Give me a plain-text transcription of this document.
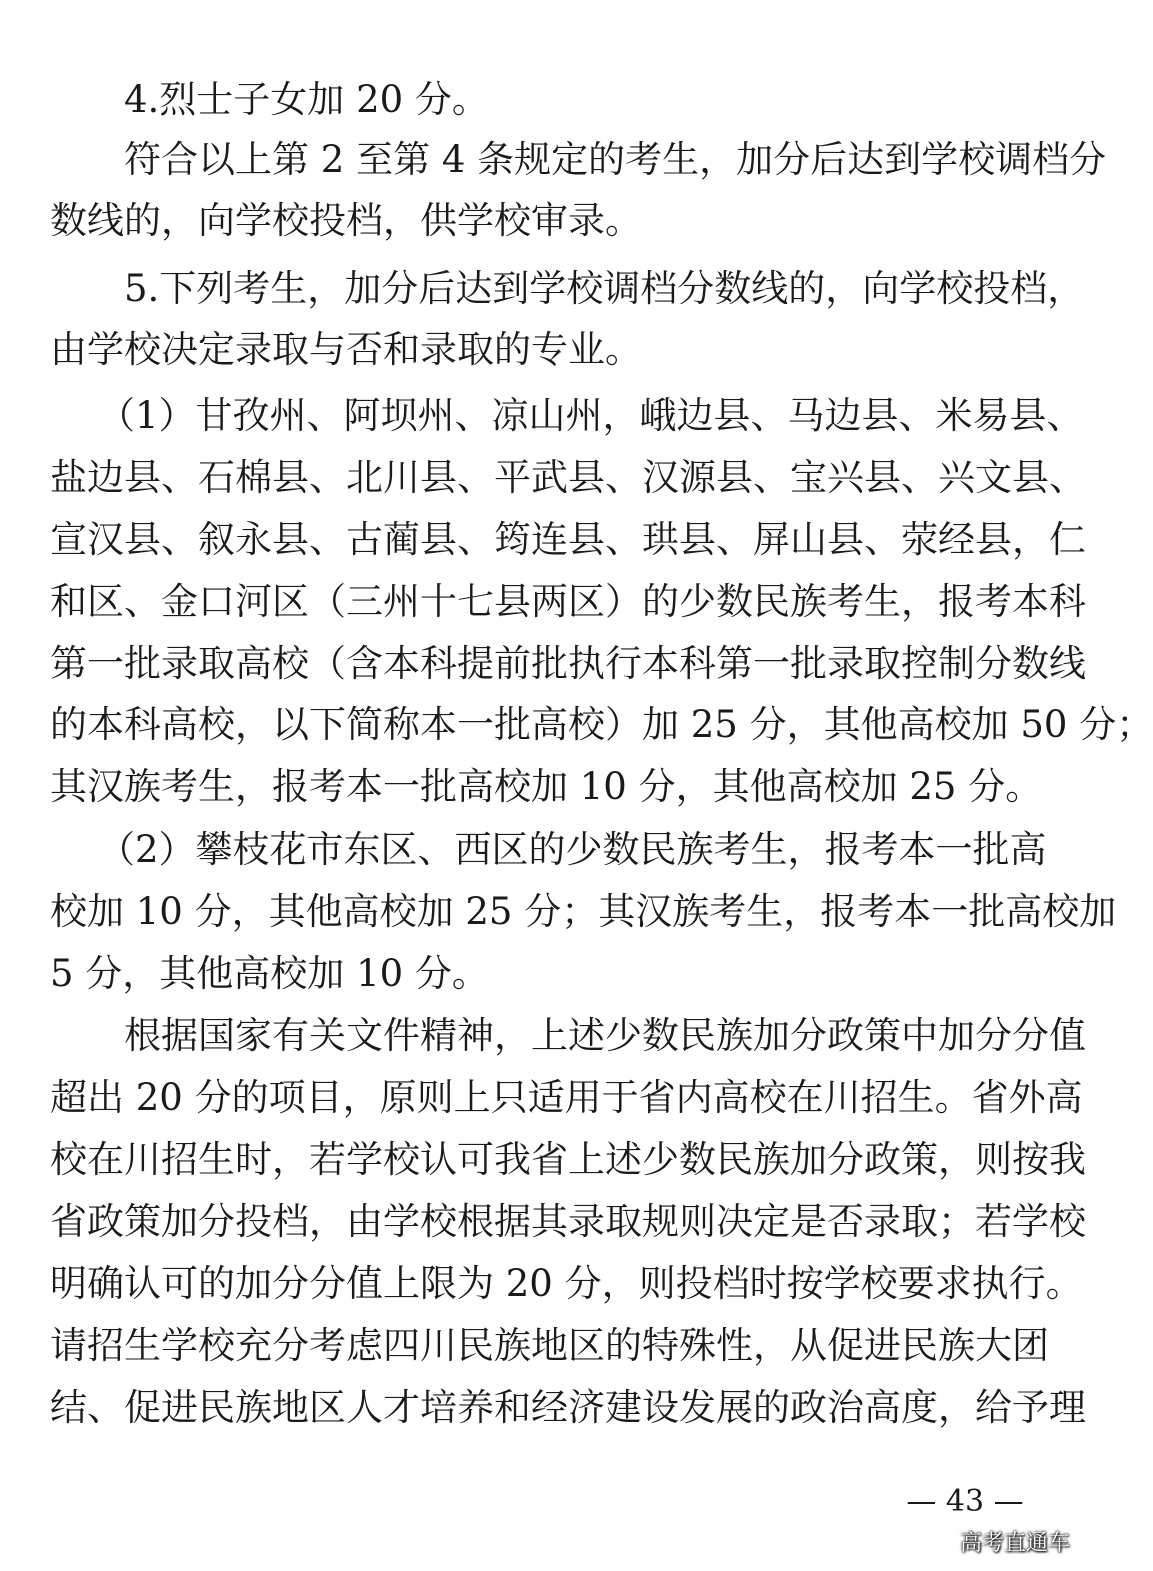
4.烈士子女加 20 分。
符合以上第 2 至第 4 条规定的考生，加分后达到学校调档分
数线的，向学校投档，供学校审录。
5.下列考生，加分后达到学校调档分数线的，向学校投档，
由学校决定录取与否和录取的专业。
（1）甘孜州、阿坝州、凉山州，峨边县、马边县、米易县、
盐边县、石棉县、北川县、平武县、汉源县、宝兴县、兴文县、
宣汉县、叙永县、古蔺县、筠连县、珙县、屏山县、荥经县，仁
和区、金口河区（三州十七县两区）的少数民族考生，报考本科
第一批录取高校（含本科提前批执行本科第一批录取控制分数线
的本科高校，以下简称本一批高校）加 25 分，其他高校加 50 分；
其汉族考生，报考本一批高校加 10 分，其他高校加 25 分。
（2）攀枝花市东区、西区的少数民族考生，报考本一批高
校加 10 分，其他高校加 25 分；其汉族考生，报考本一批高校加
5 分，其他高校加 10 分。
根据国家有关文件精神，上述少数民族加分政策中加分分值
超出 20 分的项目，原则上只适用于省内高校在川招生。省外高
校在川招生时，若学校认可我省上述少数民族加分政策，则按我
省政策加分投档，由学校根据其录取规则决定是否录取；若学校
明确认可的加分分值上限为 20 分，则投档时按学校要求执行。
请招生学校充分考虑四川民族地区的特殊性，从促进民族大团
结、促进民族地区人才培养和经济建设发展的政治高度，给予理
— 43 —
高考直通车
